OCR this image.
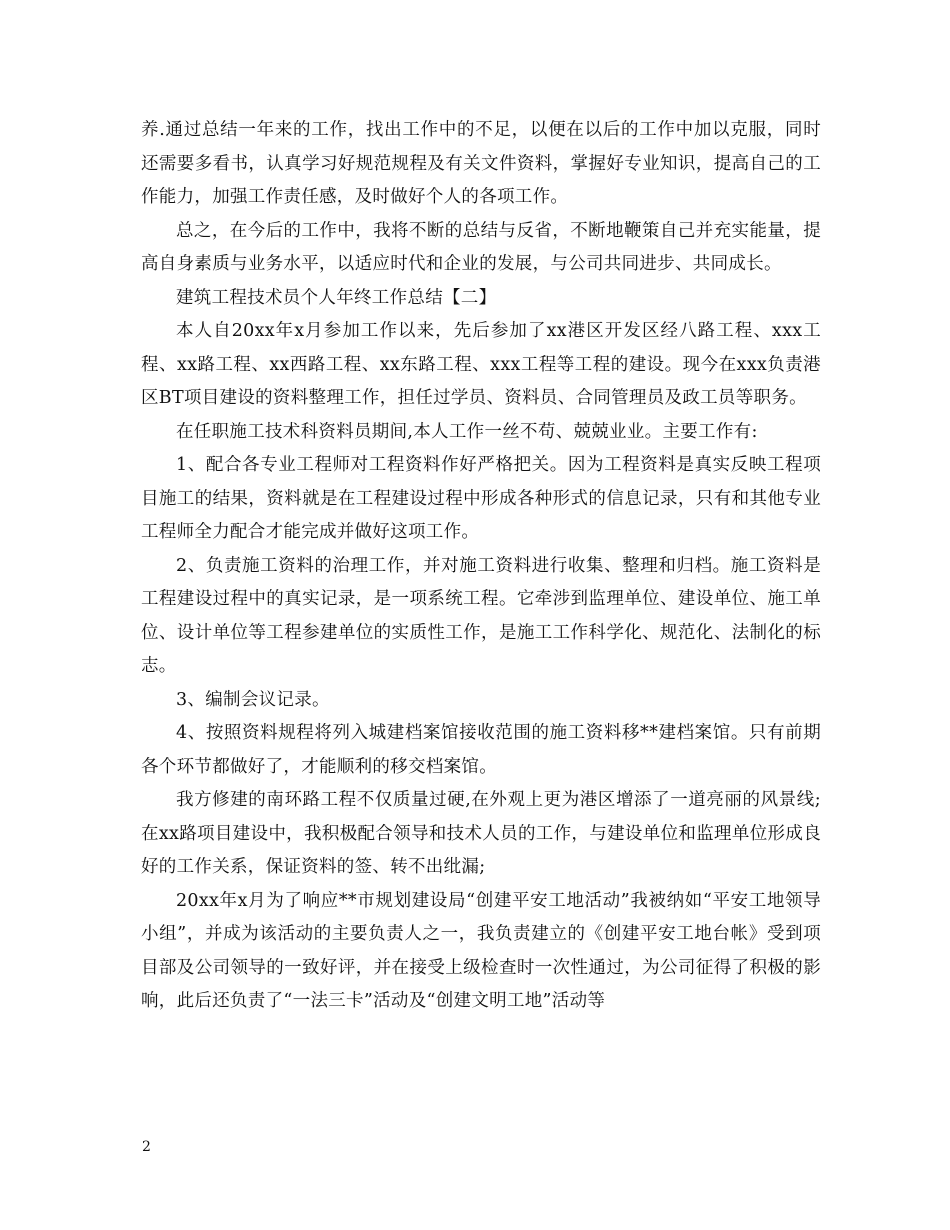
养.通过总结一年来的工作，找出工作中的不足，以便在以后的工作中加以克服，同时还需要多看书，认真学习好规范规程及有关文件资料，掌握好专业知识，提高自己的工作能力，加强工作责任感，及时做好个人的各项工作。

总之，在今后的工作中，我将不断的总结与反省，不断地鞭策自己并充实能量，提高自身素质与业务水平，以适应时代和企业的发展，与公司共同进步、共同成长。

建筑工程技术员个人年终工作总结【二】

本人自20xx年x月参加工作以来，先后参加了xx港区开发区经八路工程、xxx工程、xx路工程、xx西路工程、xx东路工程、xxx工程等工程的建设。现今在xxx负责港区BT项目建设的资料整理工作，担任过学员、资料员、合同管理员及政工员等职务。

在任职施工技术科资料员期间,本人工作一丝不苟、兢兢业业。主要工作有:

1、配合各专业工程师对工程资料作好严格把关。因为工程资料是真实反映工程项目施工的结果，资料就是在工程建设过程中形成各种形式的信息记录，只有和其他专业工程师全力配合才能完成并做好这项工作。

2、负责施工资料的治理工作，并对施工资料进行收集、整理和归档。施工资料是工程建设过程中的真实记录，是一项系统工程。它牵涉到监理单位、建设单位、施工单位、设计单位等工程参建单位的实质性工作，是施工工作科学化、规范化、法制化的标志。

3、编制会议记录。

4、按照资料规程将列入城建档案馆接收范围的施工资料移**建档案馆。只有前期各个环节都做好了，才能顺利的移交档案馆。

我方修建的南环路工程不仅质量过硬,在外观上更为港区增添了一道亮丽的风景线;在xx路项目建设中，我积极配合领导和技术人员的工作，与建设单位和监理单位形成良好的工作关系，保证资料的签、转不出纰漏;

20xx年x月为了响应**市规划建设局“创建平安工地活动”我被纳如“平安工地领导小组”，并成为该活动的主要负责人之一，我负责建立的《创建平安工地台帐》受到项目部及公司领导的一致好评，并在接受上级检查时一次性通过，为公司征得了积极的影响，此后还负责了“一法三卡”活动及“创建文明工地”活动等

2
